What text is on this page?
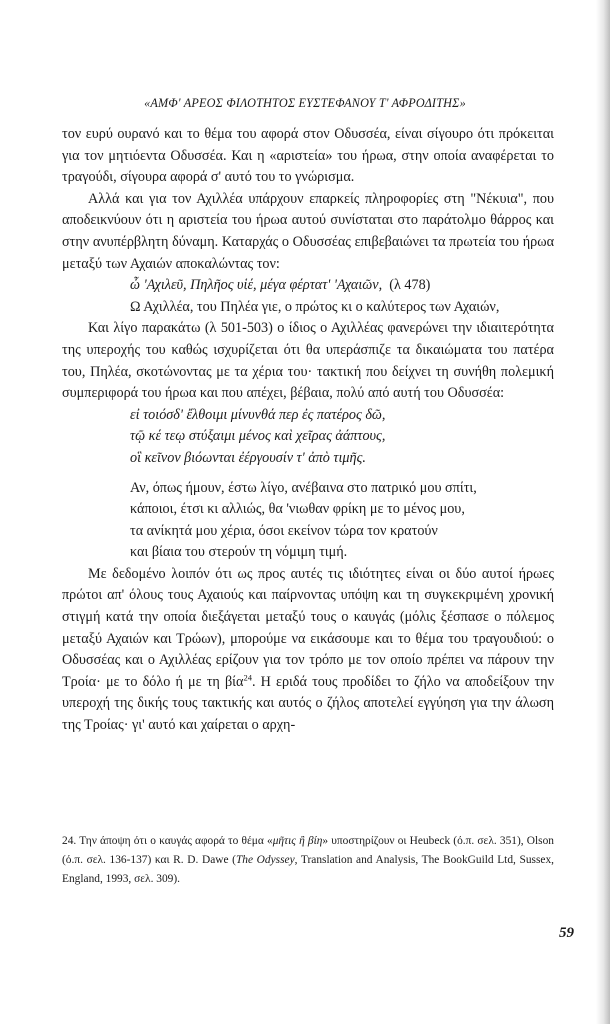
«ΑΜΦ' ΑΡΕΟΣ ΦΙΛΟΤΗΤΟΣ ΕΥΣΤΕΦΑΝΟΥ Τ' ΑΦΡΟΔΙΤΗΣ»

τον ευρύ ουρανό και το θέμα του αφορά στον Οδυσσέα, είναι σίγουρο ότι πρόκειται για τον μητιόεντα Οδυσσέα. Και η «αριστεία» του ήρωα, στην οποία αναφέρεται το τραγούδι, σίγουρα αφορά σ' αυτό του το γνώρισμα.

Αλλά και για τον Αχιλλέα υπάρχουν επαρκείς πληροφορίες στη "Νέκυια", που αποδεικνύουν ότι η αριστεία του ήρωα αυτού συνίσταται στο παράτολμο θάρρος και στην ανυπέρβλητη δύναμη. Καταρχάς ο Οδυσσέας επιβεβαιώνει τα πρωτεία του ήρωα μεταξύ των Αχαιών αποκαλώντας τον:

ὦ 'Αχιλεῦ, Πηλῆος υἱέ, μέγα φέρτατ' 'Αχαιῶν, (λ 478)

Ω Αχιλλέα, του Πηλέα γιε, ο πρώτος κι ο καλύτερος των Αχαιών,

Και λίγο παρακάτω (λ 501-503) ο ίδιος ο Αχιλλέας φανερώνει την ιδιαιτερότητα της υπεροχής του καθώς ισχυρίζεται ότι θα υπεράσπιζε τα δικαιώματα του πατέρα του, Πηλέα, σκοτώνοντας με τα χέρια του· τακτική που δείχνει τη συνήθη πολεμική συμπεριφορά του ήρωα και που απέχει, βέβαια, πολύ από αυτή του Οδυσσέα:

εἰ τοιόσδ' ἔλθοιμι μίνυνθά περ ἐς πατέρος δῶ,

τῷ κέ τεῳ στύξαιμι μένος καὶ χεῖρας ἀάπτους,

οἳ κεῖνον βιόωνται ἐέργουσίν τ' ἀπὸ τιμῆς.

Αν, όπως ήμουν, έστω λίγο, ανέβαινα στο πατρικό μου σπίτι,

κάποιοι, έτσι κι αλλιώς, θα 'νιωθαν φρίκη με το μένος μου,

τα ανίκητά μου χέρια, όσοι εκείνον τώρα τον κρατούν

και βίαια του στερούν τη νόμιμη τιμή.

Με δεδομένο λοιπόν ότι ως προς αυτές τις ιδιότητες είναι οι δύο αυτοί ήρωες πρώτοι απ' όλους τους Αχαιούς και παίρνοντας υπόψη και τη συγκεκριμένη χρονική στιγμή κατά την οποία διεξάγεται μεταξύ τους ο καυγάς (μόλις ξέσπασε ο πόλεμος μεταξύ Αχαιών και Τρώων), μπορούμε να εικάσουμε και το θέμα του τραγουδιού: ο Οδυσσέας και ο Αχιλλέας ερίζουν για τον τρόπο με τον οποίο πρέπει να πάρουν την Τροία· με το δόλο ή με τη βία$^{24}$. Η εριδά τους προδίδει το ζήλο να αποδείξουν την υπεροχή της δικής τους τακτικής και αυτός ο ζήλος αποτελεί εγγύηση για την άλωση της Τροίας· γι' αυτό και χαίρεται ο αρχη-

24. Την άποψη ότι ο καυγάς αφορά το θέμα «μῆτις ἢ βίη» υποστηρίζουν οι Heubeck (ό.π. σελ. 351), Olson (ό.π. σελ. 136-137) και R. D. Dawe (The Odyssey, Translation and Analysis, The BookGuild Ltd, Sussex, England, 1993, σελ. 309).
59
